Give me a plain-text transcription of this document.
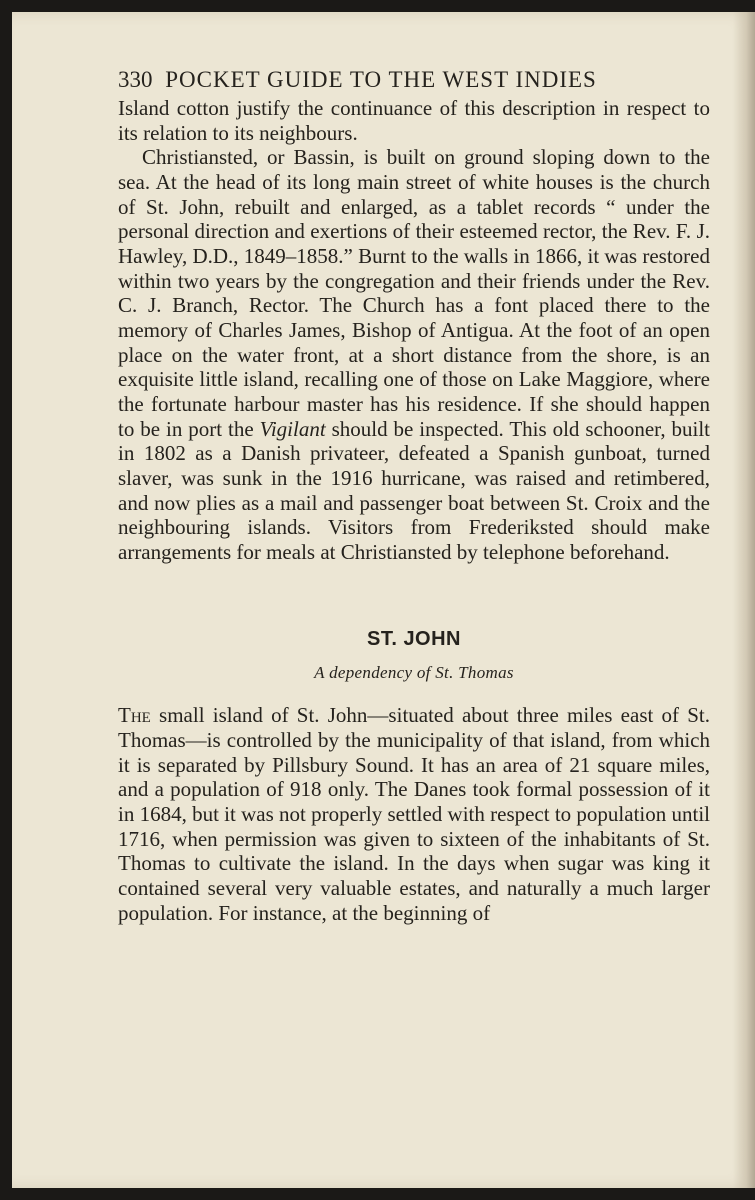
330 POCKET GUIDE TO THE WEST INDIES

Island cotton justify the continuance of this description in respect to its relation to its neighbours.

Christiansted, or Bassin, is built on ground sloping down to the sea. At the head of its long main street of white houses is the church of St. John, rebuilt and enlarged, as a tablet records “ under the personal direction and exertions of their esteemed rector, the Rev. F. J. Hawley, D.D., 1849–1858.” Burnt to the walls in 1866, it was restored within two years by the congregation and their friends under the Rev. C. J. Branch, Rector. The Church has a font placed there to the memory of Charles James, Bishop of Antigua. At the foot of an open place on the water front, at a short distance from the shore, is an exquisite little island, recalling one of those on Lake Maggiore, where the fortunate harbour master has his residence. If she should happen to be in port the Vigilant should be inspected. This old schooner, built in 1802 as a Danish privateer, defeated a Spanish gunboat, turned slaver, was sunk in the 1916 hurricane, was raised and retimbered, and now plies as a mail and passenger boat between St. Croix and the neighbouring islands. Visitors from Frederiksted should make arrangements for meals at Christiansted by telephone beforehand.

ST. JOHN
A dependency of St. Thomas

The small island of St. John—situated about three miles east of St. Thomas—is controlled by the municipality of that island, from which it is separated by Pillsbury Sound. It has an area of 21 square miles, and a population of 918 only. The Danes took formal possession of it in 1684, but it was not properly settled with respect to population until 1716, when permission was given to sixteen of the inhabitants of St. Thomas to cultivate the island. In the days when sugar was king it contained several very valuable estates, and naturally a much larger population. For instance, at the beginning of
